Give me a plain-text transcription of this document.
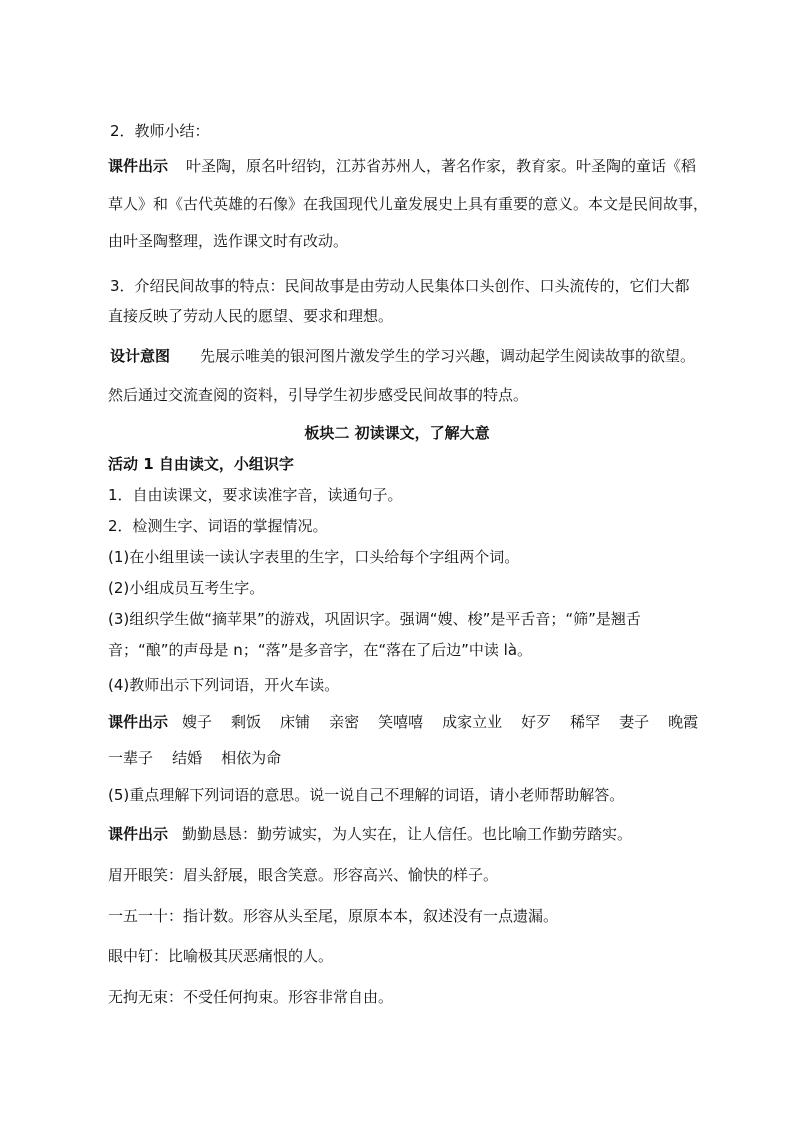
2．教师小结：
课件出示 叶圣陶，原名叶绍钧，江苏省苏州人，著名作家，教育家。叶圣陶的童话《稻
草人》和《古代英雄的石像》在我国现代儿童发展史上具有重要的意义。本文是民间故事，
由叶圣陶整理，选作课文时有改动。
3．介绍民间故事的特点：民间故事是由劳动人民集体口头创作、口头流传的，它们大都
直接反映了劳动人民的愿望、要求和理想。
设计意图 先展示唯美的银河图片激发学生的学习兴趣，调动起学生阅读故事的欲望。
然后通过交流查阅的资料，引导学生初步感受民间故事的特点。
板块二 初读课文，了解大意
活动 1 自由读文，小组识字
1．自由读课文，要求读准字音，读通句子。
2．检测生字、词语的掌握情况。
(1)在小组里读一读认字表里的生字，口头给每个字组两个词。
(2)小组成员互考生字。
(3)组织学生做“摘苹果”的游戏，巩固识字。强调“嫂、梭”是平舌音；“筛”是翘舌
音；“酿”的声母是 n；“落”是多音字，在“落在了后边”中读 là。
(4)教师出示下列词语，开火车读。
课件出示 嫂子 剩饭 床铺 亲密 笑嘻嘻 成家立业 好歹 稀罕 妻子 晚霞
一辈子    结婚    相依为命
(5)重点理解下列词语的意思。说一说自己不理解的词语，请小老师帮助解答。
课件出示 勤勤恳恳：勤劳诚实，为人实在，让人信任。也比喻工作勤劳踏实。
眉开眼笑：眉头舒展，眼含笑意。形容高兴、愉快的样子。
一五一十：指计数。形容从头至尾，原原本本，叙述没有一点遗漏。
眼中钉：比喻极其厌恶痛恨的人。
无拘无束：不受任何拘束。形容非常自由。
